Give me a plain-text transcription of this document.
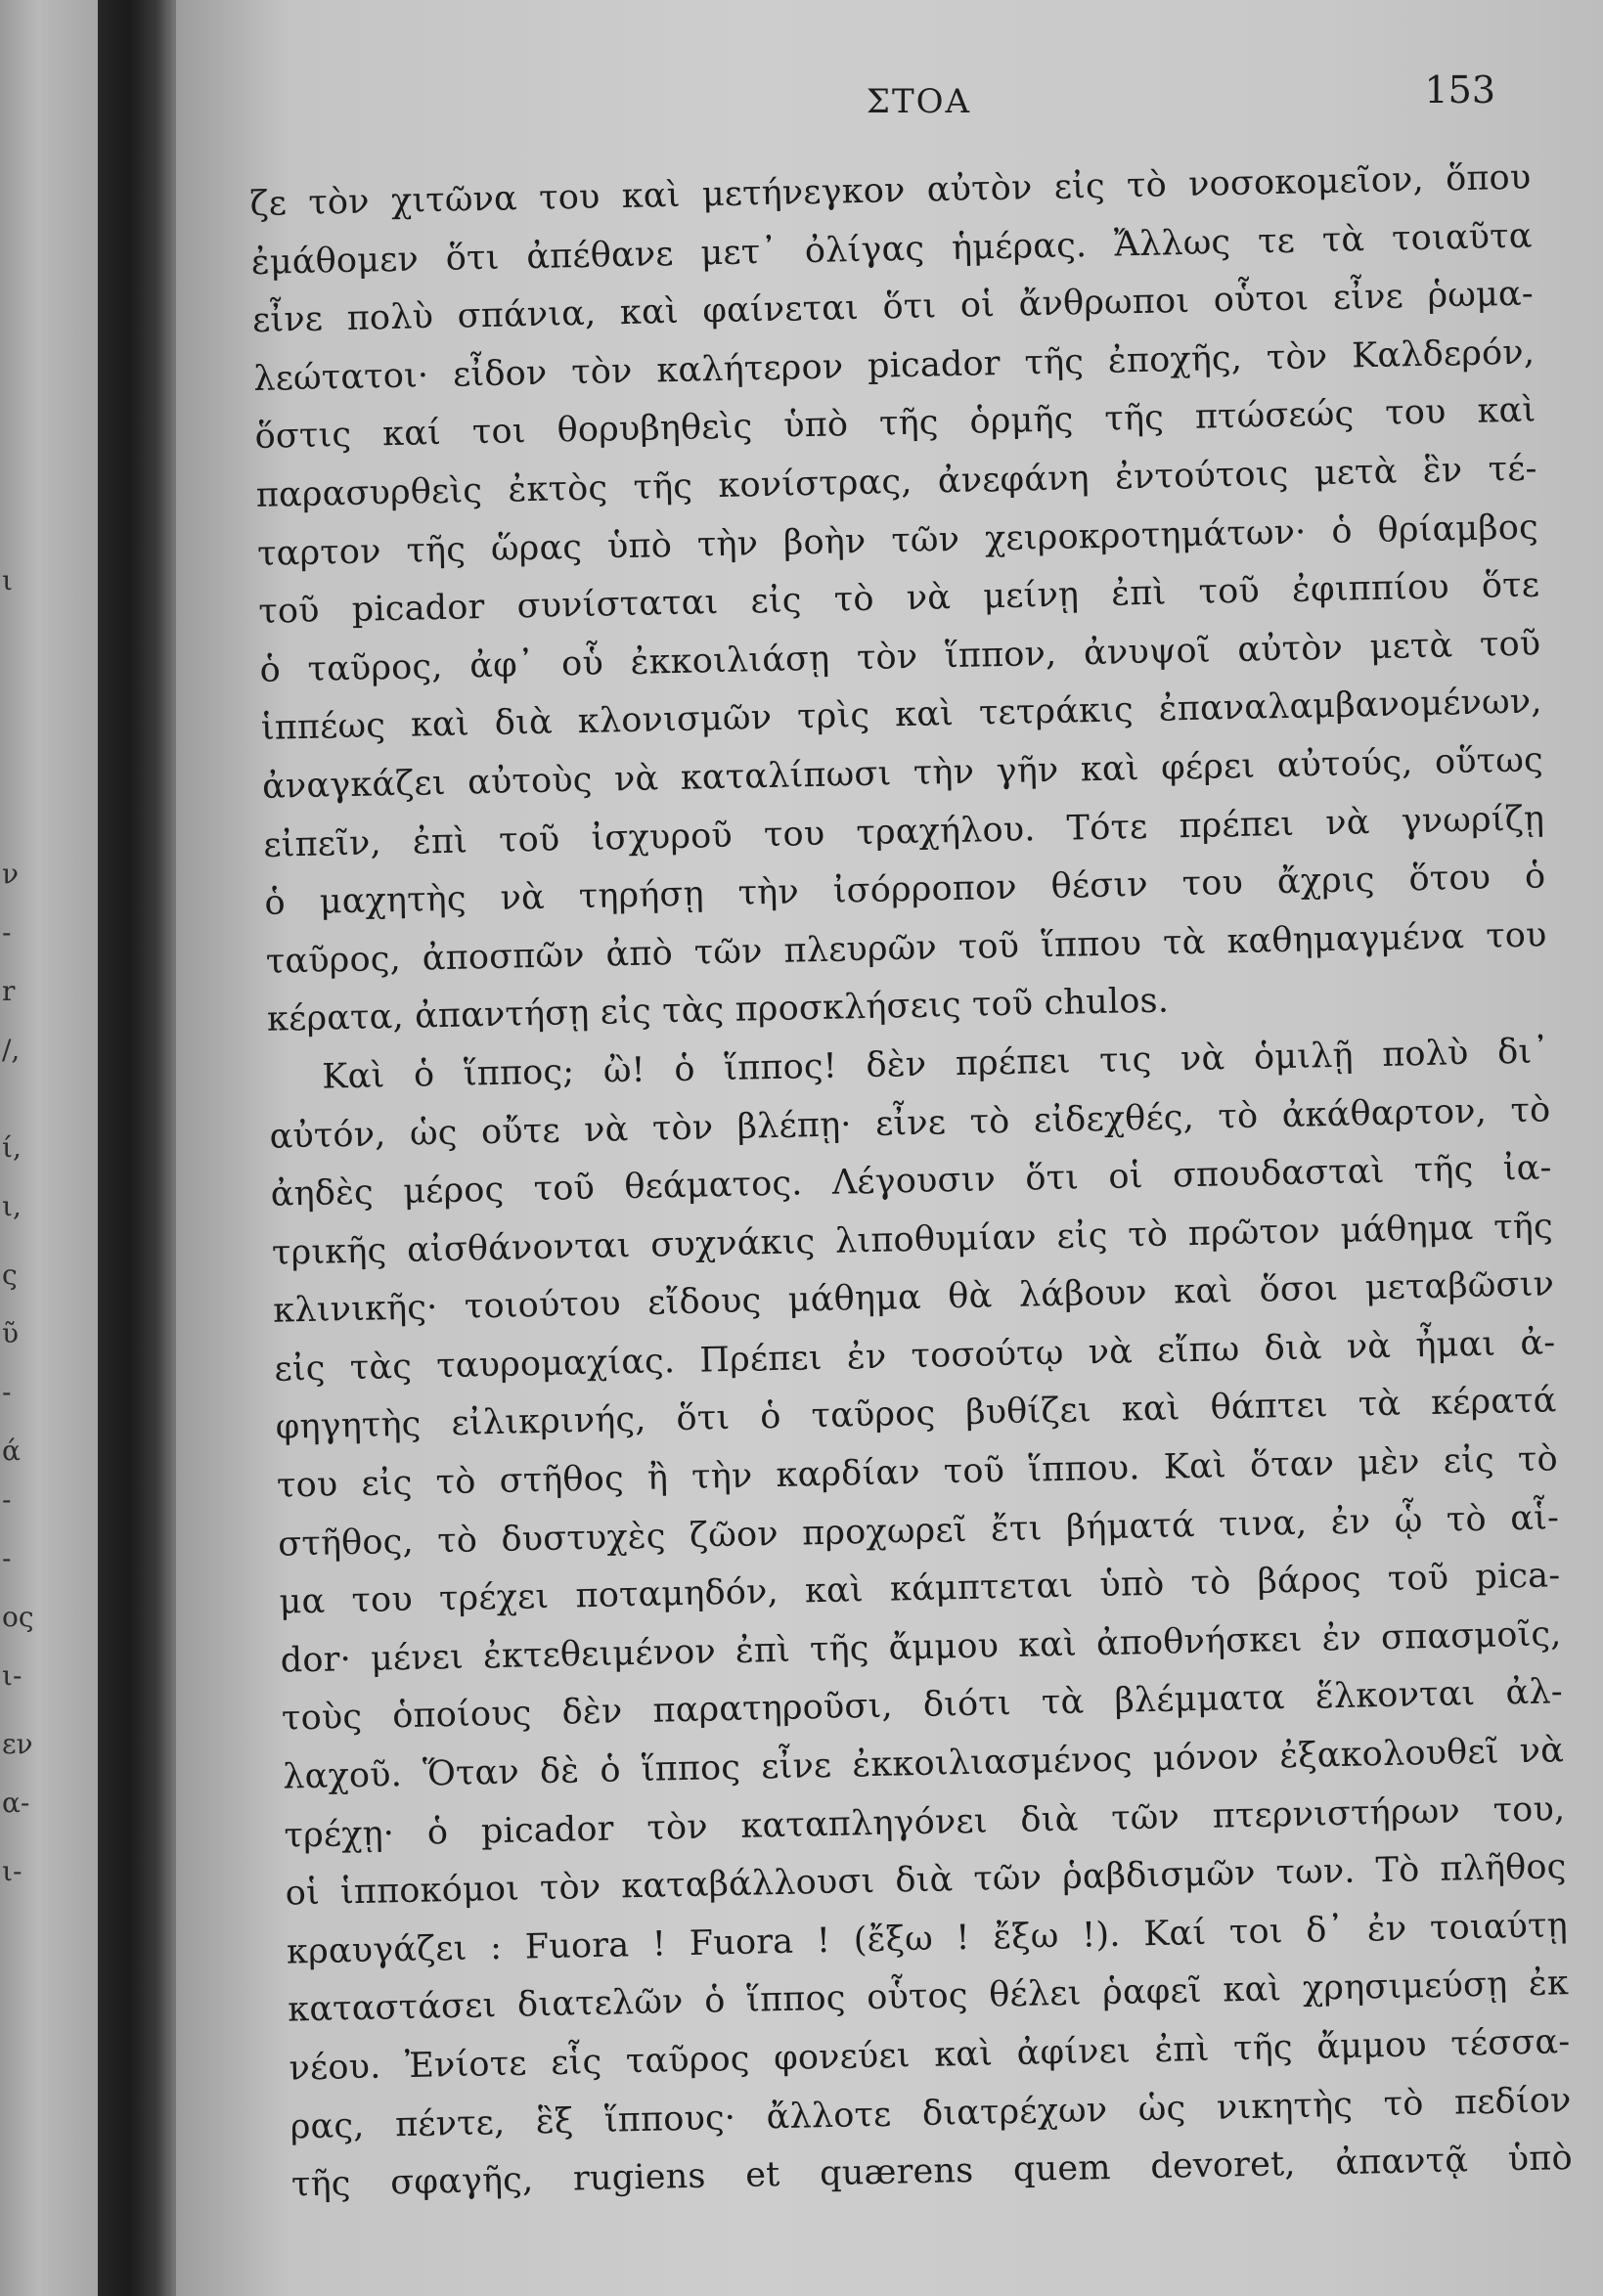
ι
ν
-
r
/,
ί,
ι,
ς
ῦ
-
ά
-
-
ος
ι-
εν
α-
ι-
ΣΤΟΑ	153
ζε τὸν χιτῶνα του καὶ μετήνεγκον αὐτὸν εἰς τὸ νοσοκομεῖον, ὅπου
ἐμάθομεν ὅτι ἀπέθανε μετ᾽ ὀλίγας ἡμέρας. Ἄλλως τε τὰ τοιαῦτα
εἶνε πολὺ σπάνια, καὶ φαίνεται ὅτι οἱ ἄνθρωποι οὗτοι εἶνε ῥωμα-
λεώτατοι· εἶδον τὸν καλήτερον picador τῆς ἐποχῆς, τὸν Καλδερόν,
ὅστις καί τοι θορυβηθεὶς ὑπὸ τῆς ὁρμῆς τῆς πτώσεώς του καὶ
παρασυρθεὶς ἐκτὸς τῆς κονίστρας, ἀνεφάνη ἐντούτοις μετὰ ἓν τέ-
ταρτον τῆς ὥρας ὑπὸ τὴν βοὴν τῶν χειροκροτημάτων· ὁ θρίαμβος
τοῦ picador συνίσταται εἰς τὸ νὰ μείνῃ ἐπὶ τοῦ ἐφιππίου ὅτε
ὁ ταῦρος, ἀφ᾽ οὗ ἐκκοιλιάσῃ τὸν ἵππον, ἀνυψοῖ αὐτὸν μετὰ τοῦ
ἱππέως καὶ διὰ κλονισμῶν τρὶς καὶ τετράκις ἐπαναλαμβανομένων,
ἀναγκάζει αὐτοὺς νὰ καταλίπωσι τὴν γῆν καὶ φέρει αὐτούς, οὕτως
εἰπεῖν, ἐπὶ τοῦ ἰσχυροῦ του τραχήλου. Τότε πρέπει νὰ γνωρίζῃ
ὁ μαχητὴς νὰ τηρήσῃ τὴν ἰσόρροπον θέσιν του ἄχρις ὅτου ὁ
ταῦρος, ἀποσπῶν ἀπὸ τῶν πλευρῶν τοῦ ἵππου τὰ καθημαγμένα του
κέρατα, ἀπαντήσῃ εἰς τὰς προσκλήσεις τοῦ chulos.
Καὶ ὁ ἵππος; ὢ! ὁ ἵππος! δὲν πρέπει τις νὰ ὁμιλῇ πολὺ δι᾽
αὐτόν, ὡς οὔτε νὰ τὸν βλέπῃ· εἶνε τὸ εἰδεχθές, τὸ ἀκάθαρτον, τὸ
ἀηδὲς μέρος τοῦ θεάματος. Λέγουσιν ὅτι οἱ σπουδασταὶ τῆς ἰα-
τρικῆς αἰσθάνονται συχνάκις λιποθυμίαν εἰς τὸ πρῶτον μάθημα τῆς
κλινικῆς· τοιούτου εἴδους μάθημα θὰ λάβουν καὶ ὅσοι μεταβῶσιν
εἰς τὰς ταυρομαχίας. Πρέπει ἐν τοσούτῳ νὰ εἴπω διὰ νὰ ἦμαι ἀ-
φηγητὴς εἰλικρινής, ὅτι ὁ ταῦρος βυθίζει καὶ θάπτει τὰ κέρατά
του εἰς τὸ στῆθος ἢ τὴν καρδίαν τοῦ ἵππου. Καὶ ὅταν μὲν εἰς τὸ
στῆθος, τὸ δυστυχὲς ζῶον προχωρεῖ ἔτι βήματά τινα, ἐν ᾧ τὸ αἷ-
μα του τρέχει ποταμηδόν, καὶ κάμπτεται ὑπὸ τὸ βάρος τοῦ pica-
dor· μένει ἐκτεθειμένον ἐπὶ τῆς ἄμμου καὶ ἀποθνήσκει ἐν σπασμοῖς,
τοὺς ὁποίους δὲν παρατηροῦσι, διότι τὰ βλέμματα ἕλκονται ἀλ-
λαχοῦ. Ὅταν δὲ ὁ ἵππος εἶνε ἐκκοιλιασμένος μόνον ἐξακολουθεῖ νὰ
τρέχῃ· ὁ picador τὸν καταπληγόνει διὰ τῶν πτερνιστήρων του,
οἱ ἱπποκόμοι τὸν καταβάλλουσι διὰ τῶν ῥαβδισμῶν των. Τὸ πλῆθος
κραυγάζει : Fuora ! Fuora ! (ἔξω ! ἔξω !). Καί τοι δ᾽ ἐν τοιαύτῃ
καταστάσει διατελῶν ὁ ἵππος οὗτος θέλει ῥαφεῖ καὶ χρησιμεύσῃ ἐκ
νέου. Ἐνίοτε εἷς ταῦρος φονεύει καὶ ἀφίνει ἐπὶ τῆς ἄμμου τέσσα-
ρας, πέντε, ἓξ ἵππους· ἄλλοτε διατρέχων ὡς νικητὴς τὸ πεδίον
τῆς σφαγῆς, rugiens et quærens quem devoret, ἀπαντᾷ ὑπὸ
